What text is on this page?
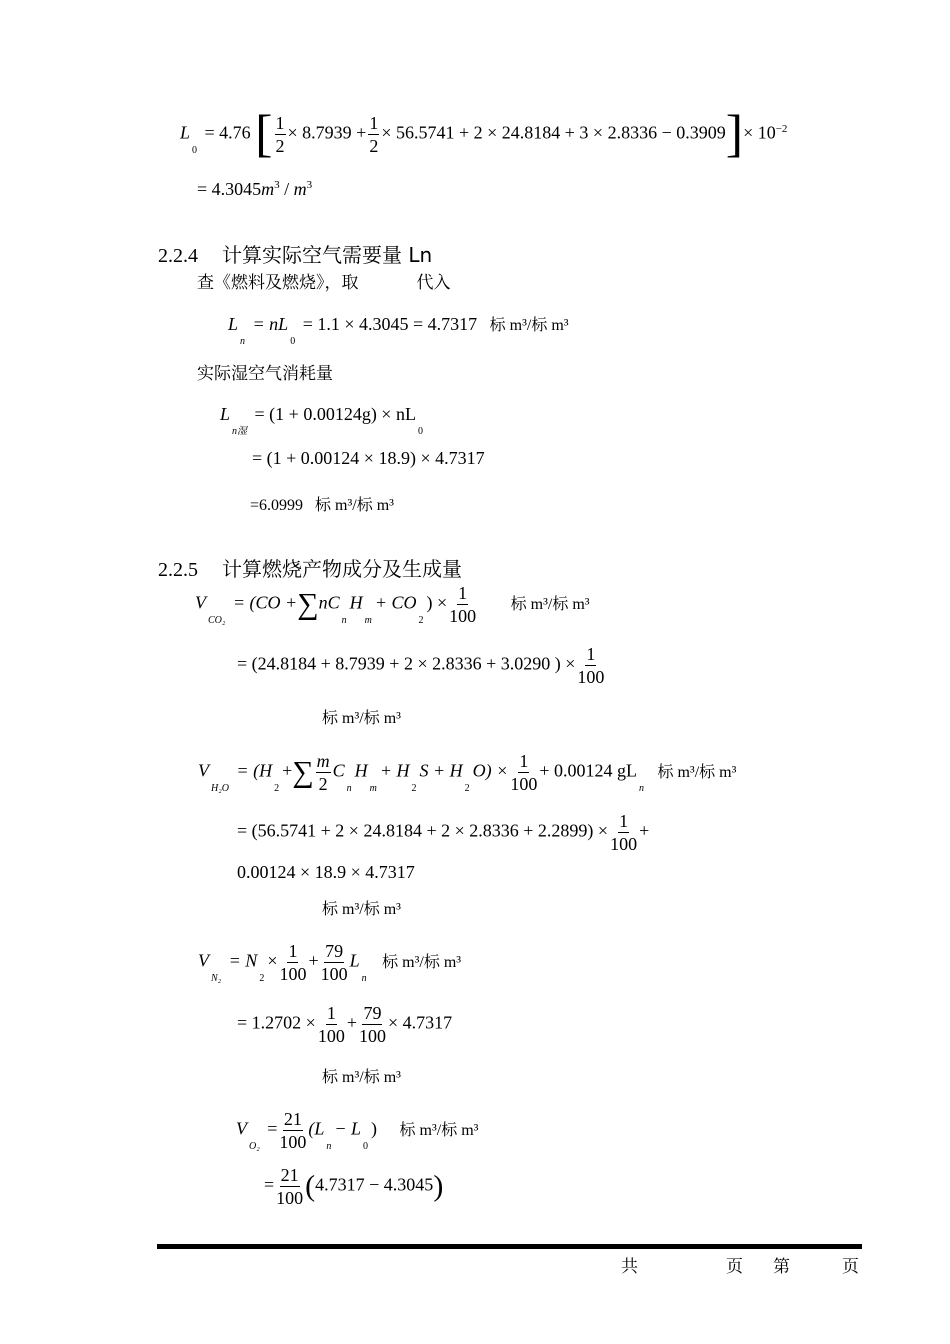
$L_0 = 4.76$ [ $\frac{1}{2} \times 8.7939 + \frac{1}{2} \times 56.5741 + 2 \times 24.8184 + 3 \times 2.8336 - 0.3909]\times 10^{-2}$
= $4.3045m^3 / m^3$
2.2.4 计算实际空气需要量 Ln
查《燃料及燃烧》，取	代入
$L_n = nL_0 = 1.1 \times 4.3045 = 4.7317$ 标 m³/标 m³
实际湿空气消耗量
$L_{n湿} = (1 + 0.00124g) \times nL_0$
= (1 + 0.00124 × 18.9) × 4.7317
=6.0999 标 m³/标 m³
2.2.5 计算燃烧产物成分及生成量
$V_{CO_2} = (CO +\sum nC_nH_m+ CO_2) \times \frac{1}{100}$ 标 m³/标 m³
= (24.8184 + 8.7939 + 2 × 2.8336 + 3.0290 ) × $\frac{1}{100}$
标 m³/标 m³
$V_{H_2O} = (H_2+\sum \frac{m}{2} C_nH_m+ H_2S + H_2O) \times \frac{1}{100} + 0.00124$ $gL_n$ 标 m³/标 m³
= $(56.5741 + 2 \times 24.8184 + 2 \times 2.8336 + 2.2899) \times \frac{1}{100}$ +
0.00124 × 18.9 × 4.7317
标 m³/标 m³
$V_{N_2} = N_2\times \frac{1}{100} + \frac{79}{100} L_n$ 标 m³/标 m³
= $1.2702 \times \frac{1}{100} + \frac{79}{100} \times 4.7317$
标 m³/标 m³
$V_{O_2} = \frac{21}{100} (L_n- L_0)$ 标 m³/标 m³
= $\frac{21}{100} (4.7317 - 4.3045)$
共	页 第	页
